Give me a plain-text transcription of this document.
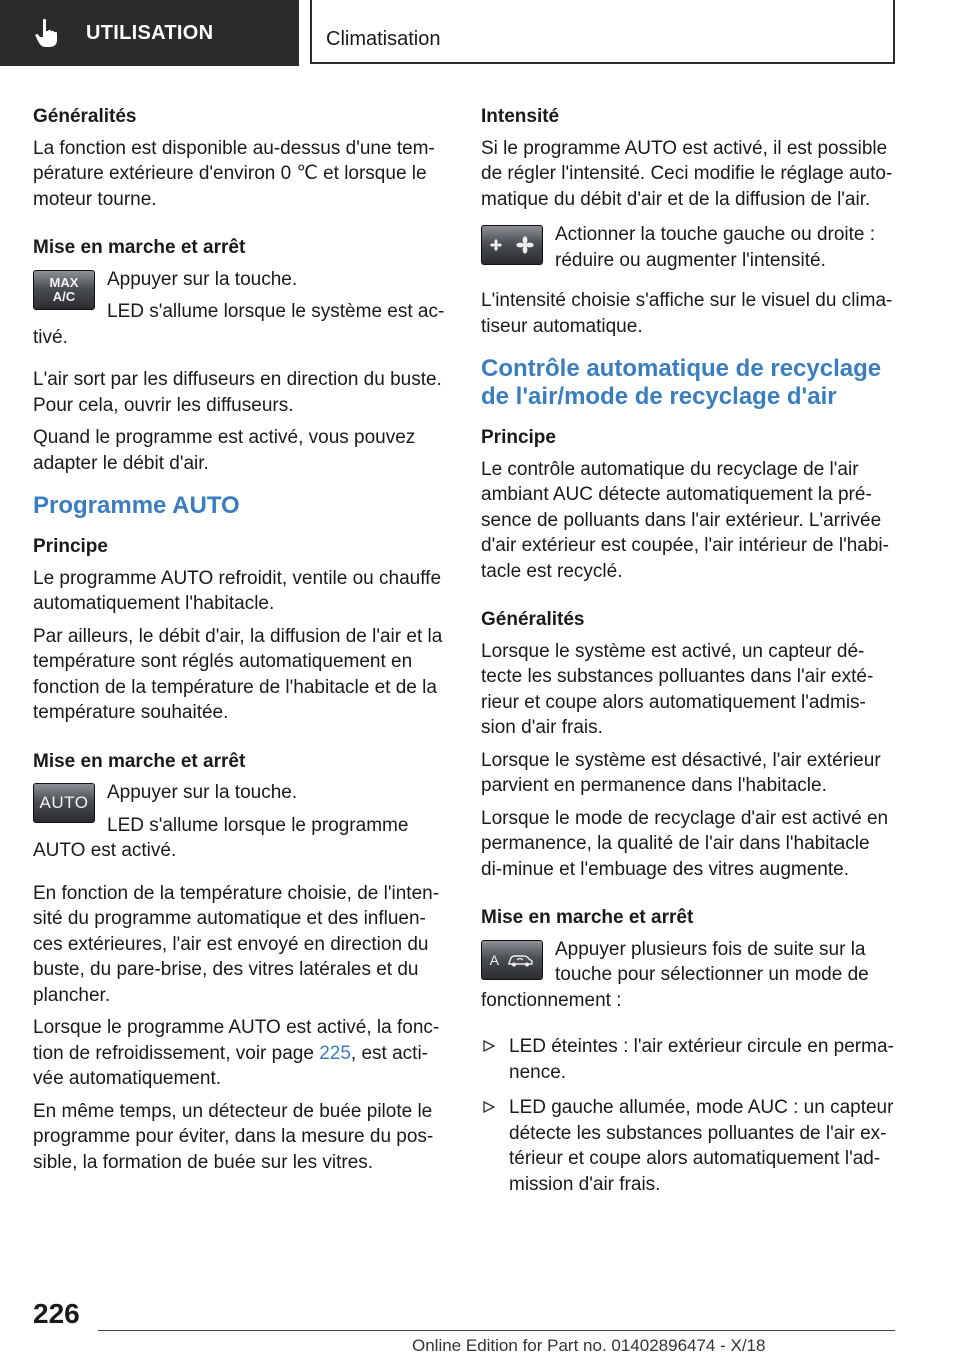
UTILISATION	Climatisation
Généralités

La fonction est disponible au-dessus d'une tem-pérature extérieure d'environ 0 ℃ et lorsque le moteur tourne.

Mise en marche et arrêt
MAX
A/C

Appuyer sur la touche.

LED s'allume lorsque le système est ac-tivé.

L'air sort par les diffuseurs en direction du buste. Pour cela, ouvrir les diffuseurs.

Quand le programme est activé, vous pouvez adapter le débit d'air.

Programme AUTO
Principe

Le programme AUTO refroidit, ventile ou chauffe automatiquement l'habitacle.

Par ailleurs, le débit d'air, la diffusion de l'air et la température sont réglés automatiquement en fonction de la température de l'habitacle et de la température souhaitée.

Mise en marche et arrêt
AUTO Appuyer sur la touche.

LED s'allume lorsque le programme AUTO est activé.

En fonction de la température choisie, de l'inten-sité du programme automatique et des influen-ces extérieures, l'air est envoyé en direction du buste, du pare-brise, des vitres latérales et du plancher.

Lorsque le programme AUTO est activé, la fonc-tion de refroidissement, voir page 225, est acti-vée automatiquement.

En même temps, un détecteur de buée pilote le programme pour éviter, dans la mesure du pos-sible, la formation de buée sur les vitres.

Intensité

Si le programme AUTO est activé, il est possible de régler l'intensité. Ceci modifie le réglage auto-matique du débit d'air et de la diffusion de l'air.

Actionner la touche gauche ou droite : réduire ou augmenter l'intensité.

L'intensité choisie s'affiche sur le visuel du clima-tiseur automatique.

Contrôle automatique de recyclage de l'air/mode de recyclage d'air
Principe

Le contrôle automatique du recyclage de l'air ambiant AUC détecte automatiquement la pré-sence de polluants dans l'air extérieur. L'arrivée d'air extérieur est coupée, l'air intérieur de l'habi-tacle est recyclé.

Généralités

Lorsque le système est activé, un capteur dé-tecte les substances polluantes dans l'air exté-rieur et coupe alors automatiquement l'admis-sion d'air frais.

Lorsque le système est désactivé, l'air extérieur parvient en permanence dans l'habitacle.

Lorsque le mode de recyclage d'air est activé en permanence, la qualité de l'air dans l'habitacle di-minue et l'embuage des vitres augmente.

Mise en marche et arrêt
A	Appuyer plusieurs fois de suite sur la touche pour sélectionner un mode de fonctionnement :

LED éteintes : l'air extérieur circule en perma-nence.
LED gauche allumée, mode AUC : un capteur détecte les substances polluantes de l'air ex-térieur et coupe alors automatiquement l'ad-mission d'air frais.
226
Online Edition for Part no. 01402896474 - X/18
